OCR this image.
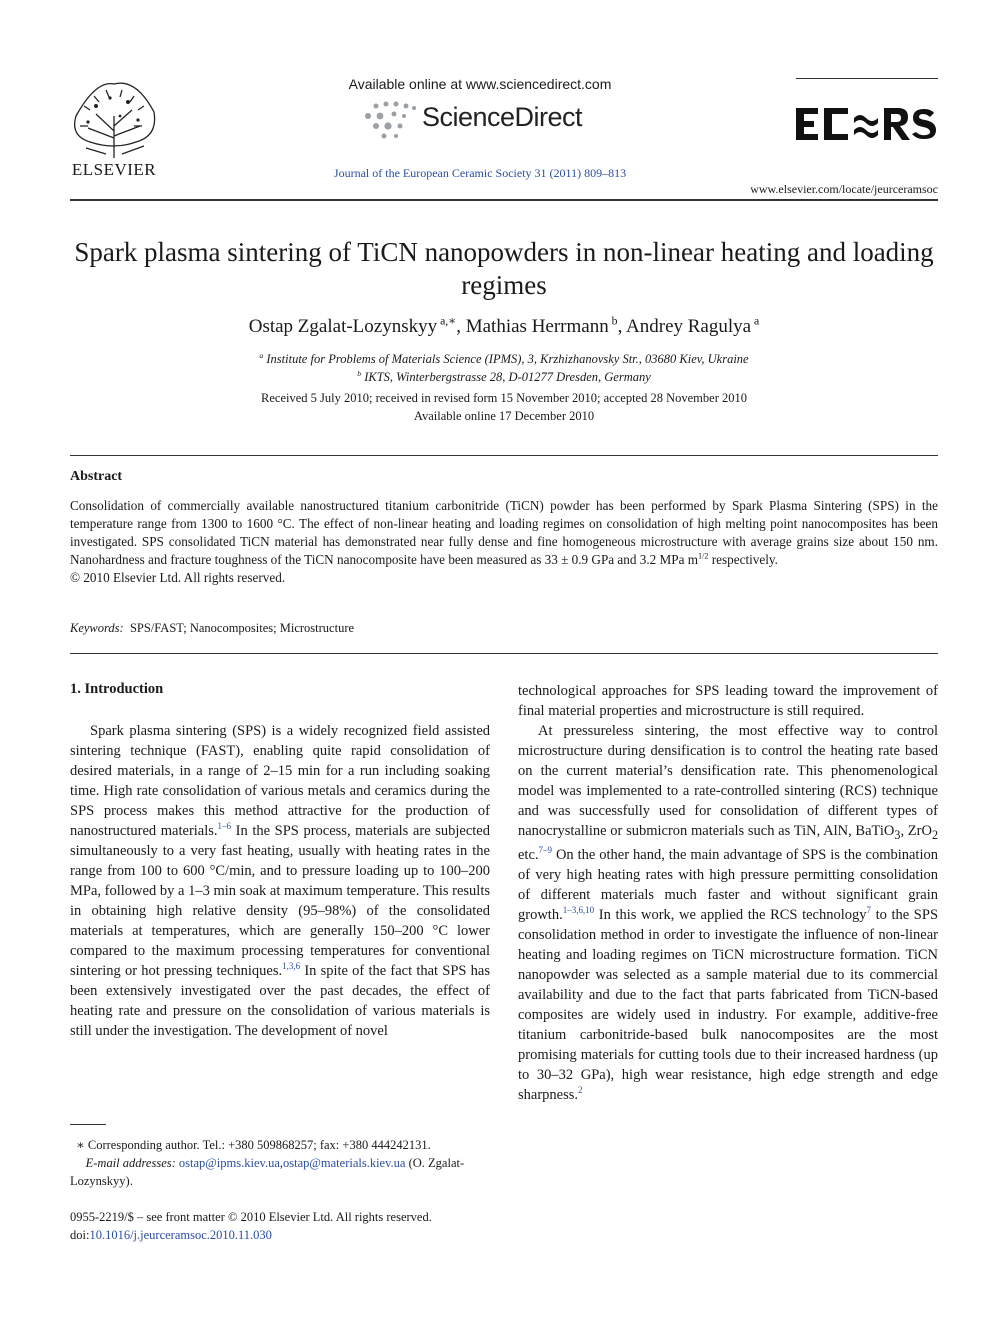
ELSEVIER
Available online at www.sciencedirect.com
ScienceDirect
Journal of the European Ceramic Society 31 (2011) 809–813
www.elsevier.com/locate/jeurceramsoc
Spark plasma sintering of TiCN nanopowders in non-linear heating and loading regimes
Ostap Zgalat-Lozynskyy $^{a,∗}$, Mathias Herrmann $^b$, Andrey Ragulya $^a$
$^a$ Institute for Problems of Materials Science (IPMS), 3, Krzhizhanovsky Str., 03680 Kiev, Ukraine
$^b$ IKTS, Winterbergstrasse 28, D-01277 Dresden, Germany
Received 5 July 2010; received in revised form 15 November 2010; accepted 28 November 2010
Available online 17 December 2010
Abstract
Consolidation of commercially available nanostructured titanium carbonitride (TiCN) powder has been performed by Spark Plasma Sintering (SPS) in the temperature range from 1300 to 1600 °C. The effect of non-linear heating and loading regimes on consolidation of high melting point nanocomposites has been investigated. SPS consolidated TiCN material has demonstrated near fully dense and fine homogeneous microstructure with average grains size about 150 nm. Nanohardness and fracture toughness of the TiCN nanocomposite have been measured as 33 ± 0.9 GPa and 3.2 MPa $m^{1/2}$ respectively.
© 2010 Elsevier Ltd. All rights reserved.
Keywords: SPS/FAST; Nanocomposites; Microstructure
1. Introduction

Spark plasma sintering (SPS) is a widely recognized field assisted sintering technique (FAST), enabling quite rapid consolidation of desired materials, in a range of 2–15 min for a run including soaking time. High rate consolidation of various metals and ceramics during the SPS process makes this method attractive for the production of nanostructured materials.$^{1-6}$ In the SPS process, materials are subjected simultaneously to a very fast heating, usually with heating rates in the range from 100 to 600 °C/min, and to pressure loading up to 100–200 MPa, followed by a 1–3 min soak at maximum temperature. This results in obtaining high relative density (95–98%) of the consolidated materials at temperatures, which are generally 150–200 °C lower compared to the maximum processing temperatures for conventional sintering or hot pressing techniques.$^{1,3,6}$ In spite of the fact that SPS has been extensively investigated over the past decades, the effect of heating rate and pressure on the consolidation of various materials is still under the investigation. The development of novel

technological approaches for SPS leading toward the improvement of final material properties and microstructure is still required.

At pressureless sintering, the most effective way to control microstructure during densification is to control the heating rate based on the current material’s densification rate. This phenomenological model was implemented to a rate-controlled sintering (RCS) technique and was successfully used for consolidation of different types of nanocrystalline or submicron materials such as TiN, AlN, BaTiO$_3$, ZrO$_2$ etc.$^{7-9}$ On the other hand, the main advantage of SPS is the combination of very high heating rates with high pressure permitting consolidation of different materials much faster and without significant grain growth.$^{1-3,6,10}$ In this work, we applied the RCS technology$^7$ to the SPS consolidation method in order to investigate the influence of non-linear heating and loading regimes on TiCN microstructure formation. TiCN nanopowder was selected as a sample material due to its commercial availability and due to the fact that parts fabricated from TiCN-based composites are widely used in industry. For example, additive-free titanium carbonitride-based bulk nanocomposites are the most promising materials for cutting tools due to their increased hardness (up to 30–32 GPa), high wear resistance, high edge strength and edge sharpness.$^2$

∗ Corresponding author. Tel.: +380 509868257; fax: +380 444242131.
E-mail addresses: ostap@ipms.kiev.ua,ostap@materials.kiev.ua (O. Zgalat-Lozynskyy).
0955-2219/$ – see front matter © 2010 Elsevier Ltd. All rights reserved.
doi:10.1016/j.jeurceramsoc.2010.11.030
